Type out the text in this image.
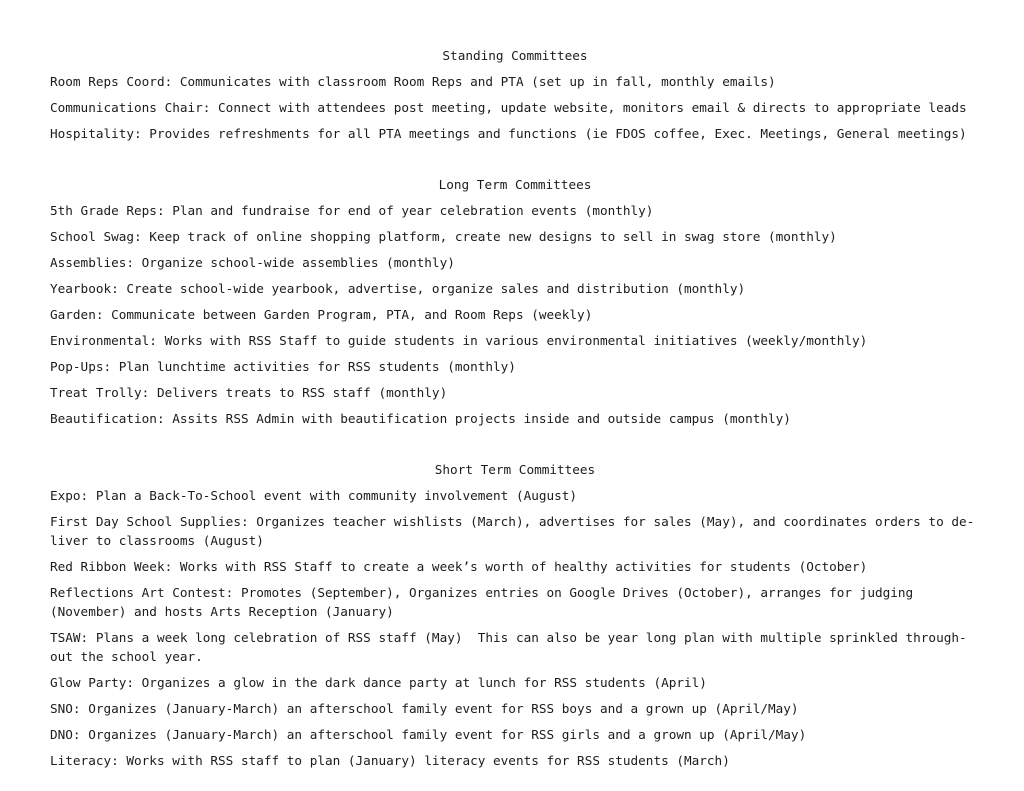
Standing Committees
Room Reps Coord: Communicates with classroom Room Reps and PTA (set up in fall, monthly emails)
Communications Chair: Connect with attendees post meeting, update website, monitors email & directs to appropriate leads
Hospitality: Provides refreshments for all PTA meetings and functions (ie FDOS coffee, Exec. Meetings, General meetings)
Long Term Committees
5th Grade Reps: Plan and fundraise for end of year celebration events (monthly)
School Swag: Keep track of online shopping platform, create new designs to sell in swag store (monthly)
Assemblies: Organize school-wide assemblies (monthly)
Yearbook: Create school-wide yearbook, advertise, organize sales and distribution (monthly)
Garden: Communicate between Garden Program, PTA, and Room Reps (weekly)
Environmental: Works with RSS Staff to guide students in various environmental initiatives (weekly/monthly)
Pop-Ups: Plan lunchtime activities for RSS students (monthly)
Treat Trolly: Delivers treats to RSS staff (monthly)
Beautification: Assits RSS Admin with beautification projects inside and outside campus (monthly)
Short Term Committees
Expo: Plan a Back-To-School event with community involvement (August)
First Day School Supplies: Organizes teacher wishlists (March), advertises for sales (May), and coordinates orders to de-
liver to classrooms (August)
Red Ribbon Week: Works with RSS Staff to create a week’s worth of healthy activities for students (October)
Reflections Art Contest: Promotes (September), Organizes entries on Google Drives (October), arranges for judging
(November) and hosts Arts Reception (January)
TSAW: Plans a week long celebration of RSS staff (May)  This can also be year long plan with multiple sprinkled through-
out the school year.
Glow Party: Organizes a glow in the dark dance party at lunch for RSS students (April)
SNO: Organizes (January-March) an afterschool family event for RSS boys and a grown up (April/May)
DNO: Organizes (January-March) an afterschool family event for RSS girls and a grown up (April/May)
Literacy: Works with RSS staff to plan (January) literacy events for RSS students (March)
